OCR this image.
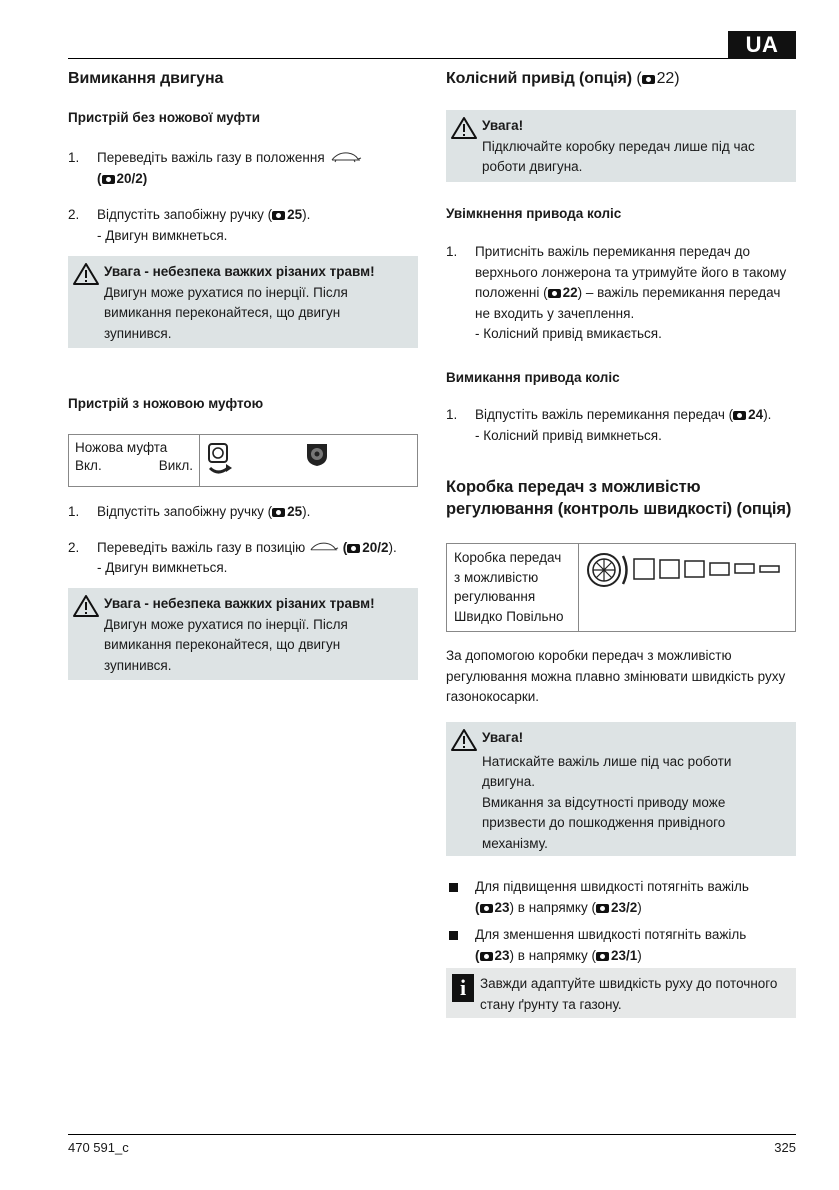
UA
Вимикання двигуна
Пристрій без ножової муфти
1.	Переведіть важіль газу в положення
( 20/2)
2.	Відпустіть запобіжну ручку ( 25).
- Двигун вимкнеться.
Увага - небезпека важких різаних травм!
Двигун може рухатися по інерції. Після вимикання переконайтеся, що двигун зупинився.
Пристрій з ножовою муфтою
Ножова муфта
Вкл.	Викл.

1.	Відпустіть запобіжну ручку ( 25).
2.	Переведіть важіль газу в позицію	( 20/2).
- Двигун вимкнеться.
Увага - небезпека важких різаних травм!
Двигун може рухатися по інерції. Після вимикання переконайтеся, що двигун зупинився.
Колісний привід (опція) ( 22)
Увага!
Підключайте коробку передач лише під час роботи двигуна.
Увімкнення привода коліс
1.	Притисніть важіль перемикання передач до верхнього лонжерона та утримуйте його в такому положенні ( 22) – важіль перемикання передач не входить у зачеплення.
- Колісний привід вмикається.
Вимикання привода коліс
1.	Відпустіть важіль перемикання передач ( 24).
- Колісний привід вимкнеться.
Коробка передач з можливістю регулювання (контроль швидкості) (опція)
Коробка передач
з можливістю
регулювання
Швидко Повільно

За допомогою коробки передач з можливістю регулювання можна плавно змінювати швидкість руху газонокосарки.
Увага!
Натискайте важіль лише під час роботи двигуна.
Вмикання за відсутності приводу може призвести до пошкодження привідного механізму.
Для підвищення швидкості потягніть важіль
( 23) в напрямку ( 23/2)
Для зменшення швидкості потягніть важіль
( 23) в напрямку ( 23/1)
i	Завжди адаптуйте швидкість руху до поточного стану ґрунту та газону.
470 591_c	325
